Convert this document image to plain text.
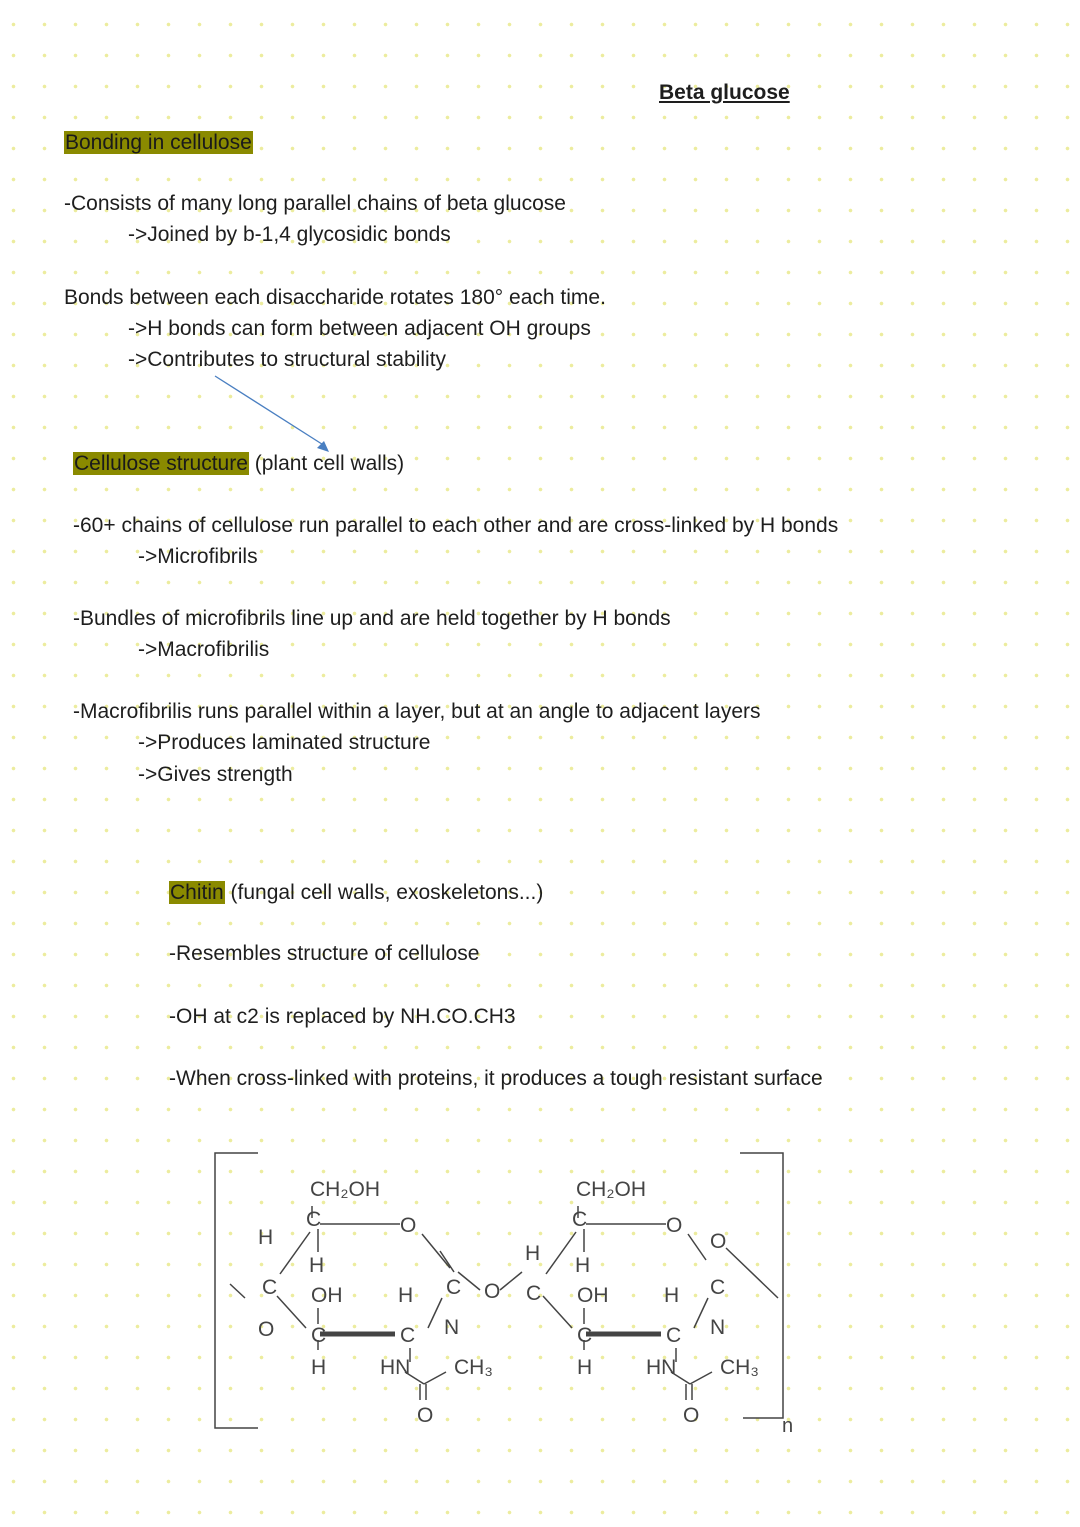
Beta glucose
Bonding in cellulose
-Consists of many long parallel chains of beta glucose
->Joined by b-1,4 glycosidic bonds
Bonds between each disaccharide rotates 180° each time.
->H bonds can form between adjacent OH groups
->Contributes to structural stability
Cellulose structure (plant cell walls)
-60+ chains of cellulose run parallel to each other and are cross-linked by H bonds
->Microfibrils
-Bundles of microfibrils line up and are held together by H bonds
->Macrofibrilis
-Macrofibrilis runs parallel within a layer, but at an angle to adjacent layers
->Produces laminated structure
->Gives strength
Chitin (fungal cell walls, exoskeletons...)
-Resembles structure of cellulose
-OH at c2 is replaced by NH.CO.CH3
-When cross-linked with proteins, it produces a tough resistant surface
CH₂OH
C	O
H
H
C OH
O C
H
H
C
C
N
HN CH₃
O
O
CH₂OH
C	O
H
H
C OH
C
H
H
C
O
C
N
HN CH₃
O	n
